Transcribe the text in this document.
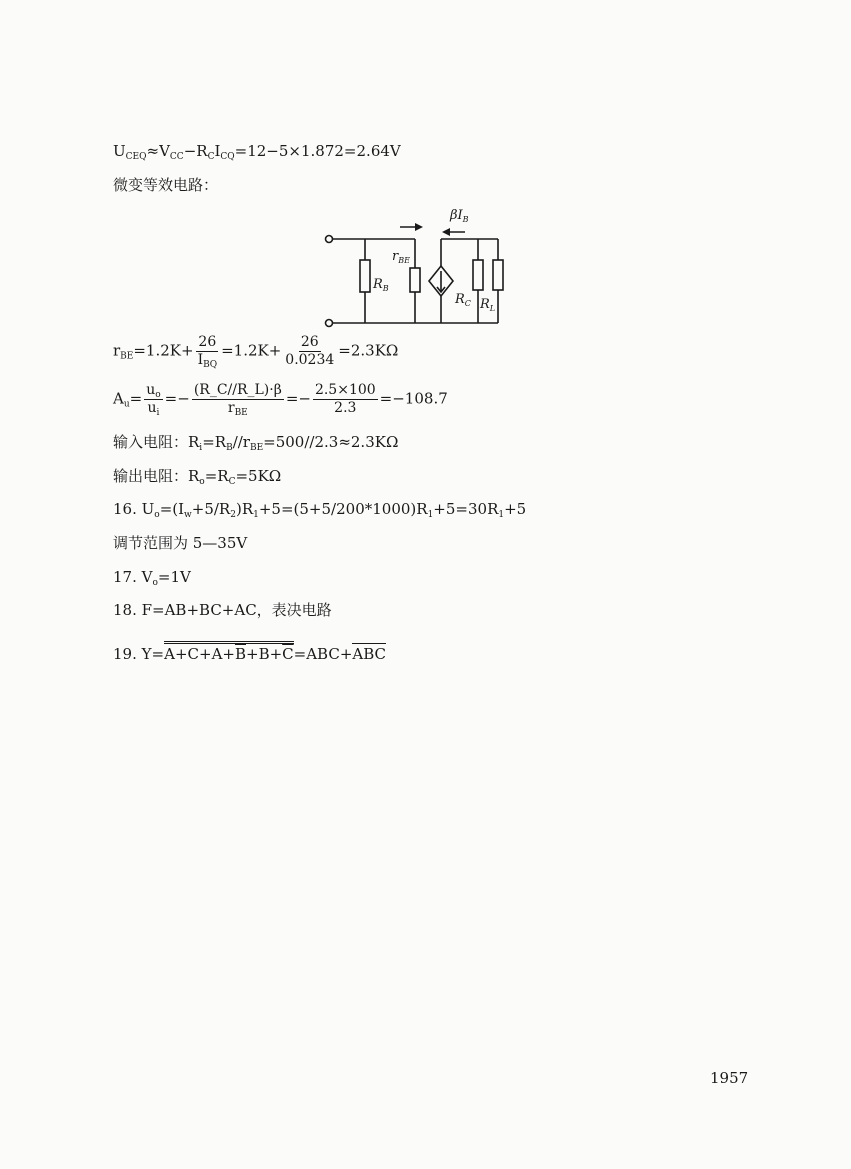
$U_{CEQ}\approx V_{CC}-R_CI_{CQ}=12-5\times 1.872=2.64V$
微变等效电路：
$r_{BE}$
$R_B$
$R_C$ $R_L$
$\beta I_B$
$r_{BE}=1.2K+ \frac{26}{I_{BQ}} =1.2K+ \frac{26}{0.0234} =2.3K\Omega$
$A_u= \frac{u_o}{u_i} =- \frac{(R\_C//R\_L)\cdot\beta}{r_{BE}} =- \frac{2.5\times 100}{2.3} =-108.7$
输入电阻：$R_i=R_B//r_{BE}=500//2.3\approx 2.3K\Omega$
输出电阻：$R_o=R_C=5K\Omega$
16. $U_o=(I_w+5/R_2)R_1+5=(5+5/200*1000)R_1+5=30R_1+5$
调节范围为 5—35V
17. $V_o=1V$
18. F=AB+BC+AC，表决电路
19. $Y=A+C+A+\overline{B}+B+\overline{C}=ABC+ABC$
1957
